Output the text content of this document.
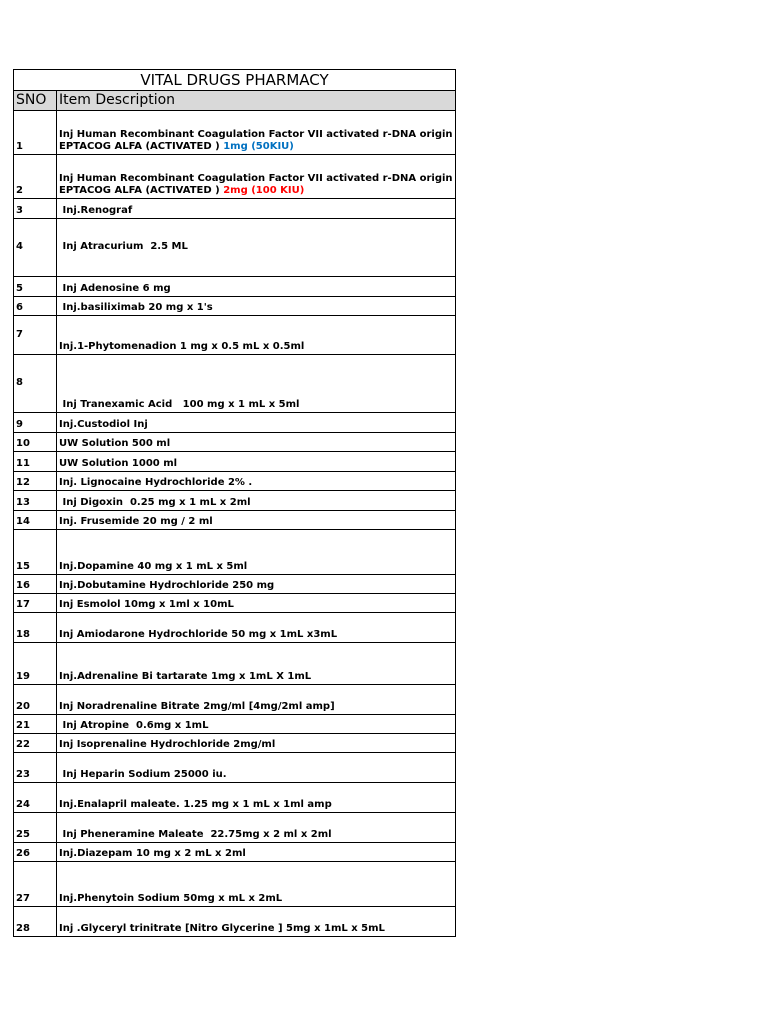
VITAL DRUGS PHARMACY	
SNO	Item Description
1	Inj Human Recombinant Coagulation Factor VII activated r-DNA origin
EPTACOG ALFA (ACTIVATED ) 1mg (50KIU)
2	Inj Human Recombinant Coagulation Factor VII activated r-DNA origin
EPTACOG ALFA (ACTIVATED ) 2mg (100 KIU)
3	Inj.Renograf
4	Inj Atracurium  2.5 ML
5	Inj Adenosine 6 mg
6	Inj.basiliximab 20 mg x 1's
7	Inj.1-Phytomenadion 1 mg x 0.5 mL x 0.5ml
8	Inj Tranexamic Acid   100 mg x 1 mL x 5ml
9	Inj.Custodiol Inj
10	UW Solution 500 ml
11	UW Solution 1000 ml
12	Inj. Lignocaine Hydrochloride 2% .
13	Inj Digoxin  0.25 mg x 1 mL x 2ml
14	Inj. Frusemide 20 mg / 2 ml
15	Inj.Dopamine 40 mg x 1 mL x 5ml
16	Inj.Dobutamine Hydrochloride 250 mg
17	Inj Esmolol 10mg x 1ml x 10mL
18	Inj Amiodarone Hydrochloride 50 mg x 1mL x3mL
19	Inj.Adrenaline Bi tartarate 1mg x 1mL X 1mL
20	Inj Noradrenaline Bitrate 2mg/ml [4mg/2ml amp]
21	Inj Atropine  0.6mg x 1mL
22	Inj Isoprenaline Hydrochloride 2mg/ml
23	Inj Heparin Sodium 25000 iu.
24	Inj.Enalapril maleate. 1.25 mg x 1 mL x 1ml amp
25	Inj Pheneramine Maleate  22.75mg x 2 ml x 2ml
26	Inj.Diazepam 10 mg x 2 mL x 2ml
27	Inj.Phenytoin Sodium 50mg x mL x 2mL
28	Inj .Glyceryl trinitrate [Nitro Glycerine ] 5mg x 1mL x 5mL
